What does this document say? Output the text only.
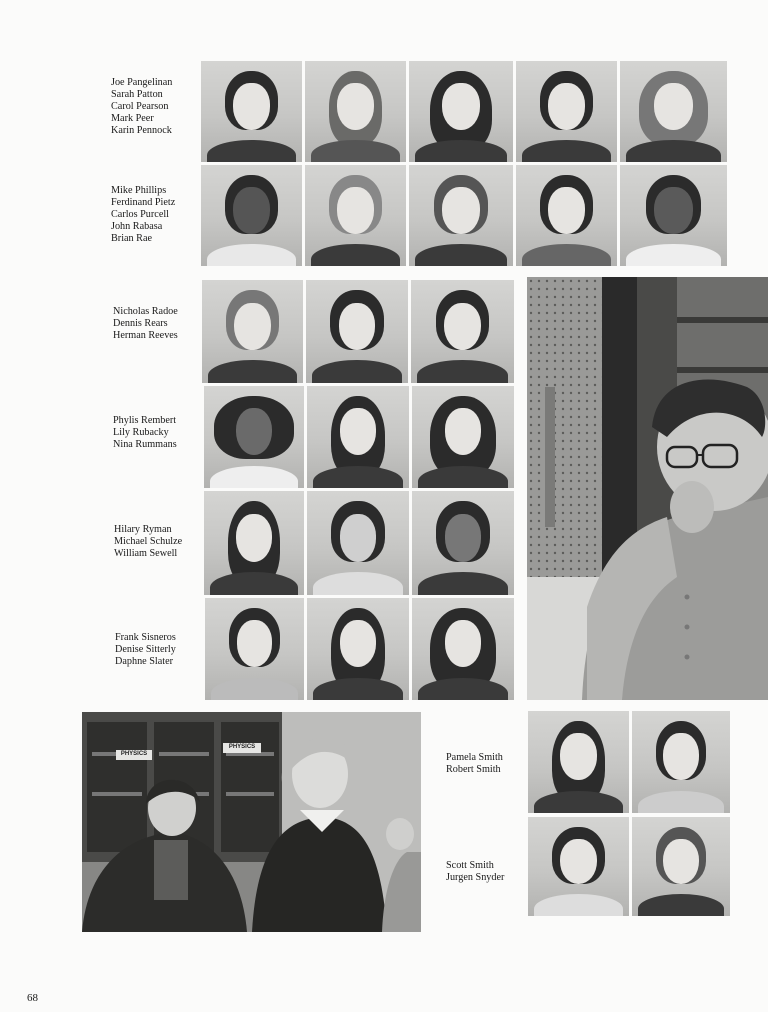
Joe Pangelinan
Sarah Patton
Carol Pearson
Mark Peer
Karin Pennock
Mike Phillips
Ferdinand Pietz
Carlos Purcell
John Rabasa
Brian Rae
Nicholas Radoe
Dennis Rears
Herman Reeves
Phylis Rembert
Lily Rubacky
Nina Rummans
Hilary Ryman
Michael Schulze
William Sewell
Frank Sisneros
Denise Sitterly
Daphne Slater
Pamela Smith
Robert Smith
Scott Smith
Jurgen Snyder
PHYSICS
PHYSICS
68
